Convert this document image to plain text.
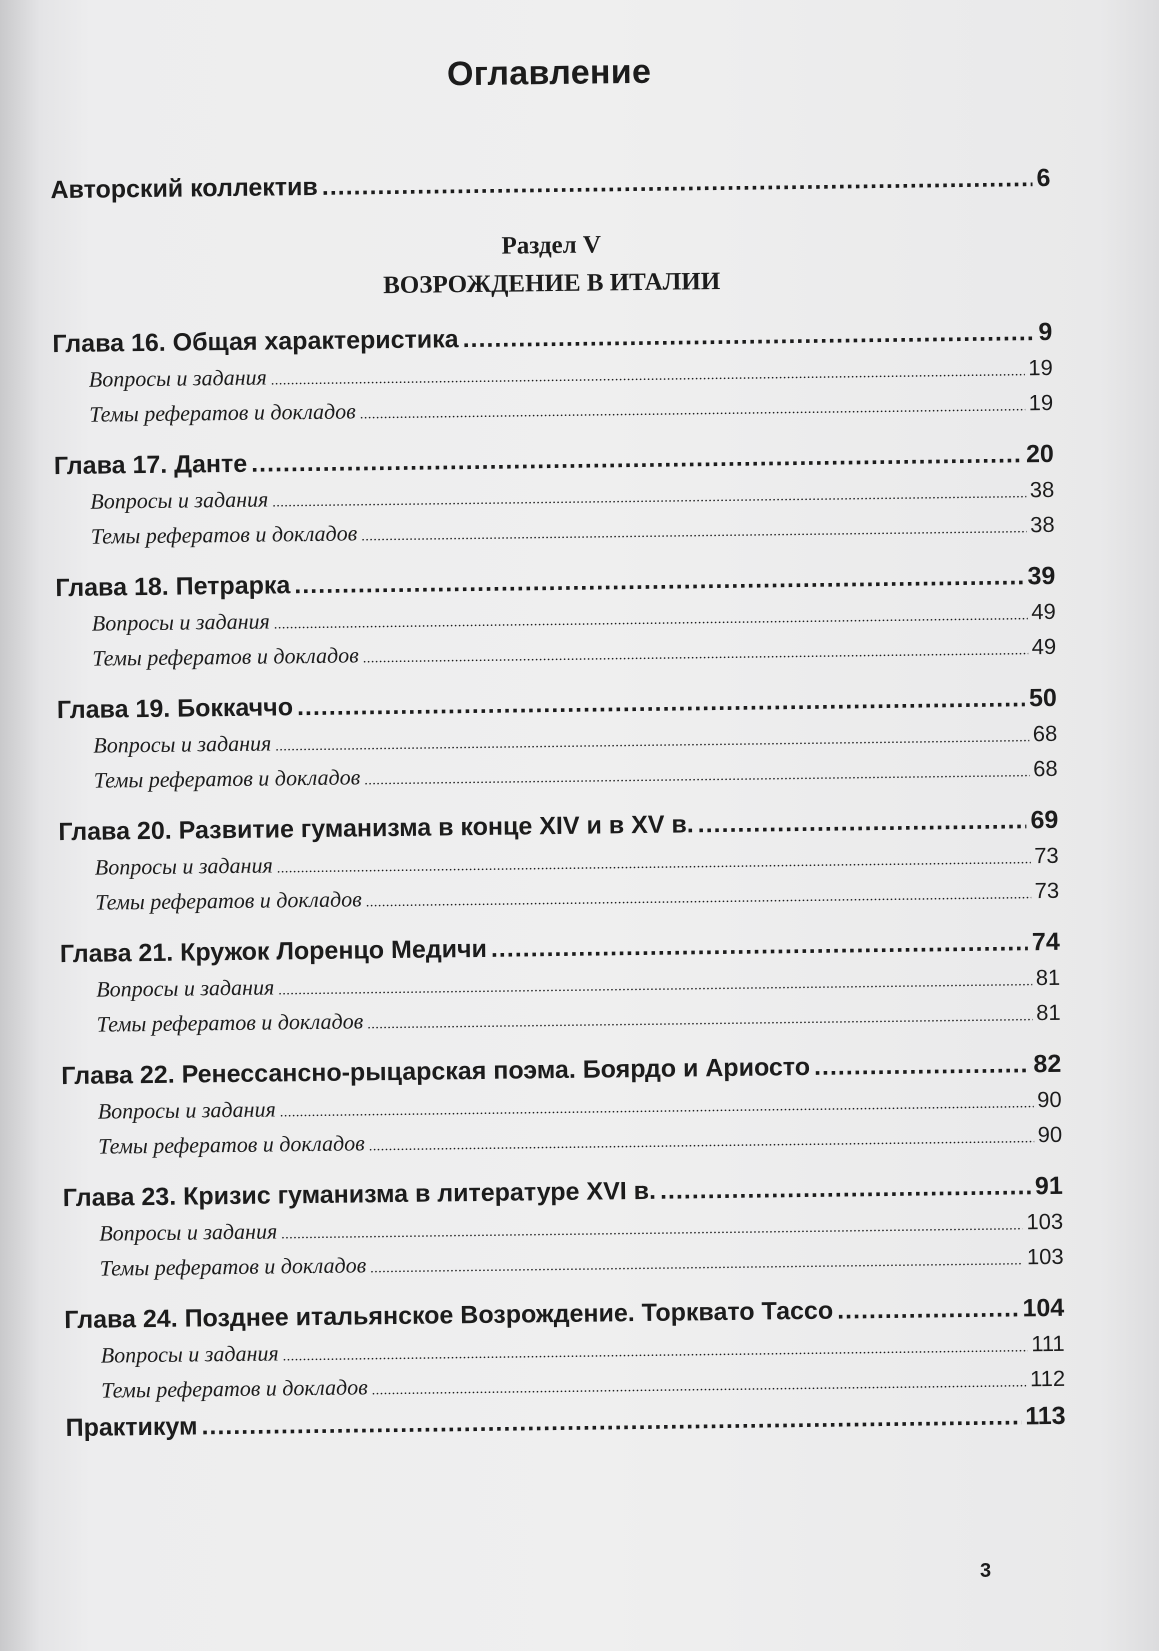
Оглавление
Авторский коллектив .....	6
Раздел V
ВОЗРОЖДЕНИЕ В ИТАЛИИ
Глава 16. Общая характеристика .....	9
Вопросы и задания .....	19
Темы рефератов и докладов .....	19
Глава 17. Данте .....	20
Вопросы и задания .....	38
Темы рефератов и докладов .....	38
Глава 18. Петрарка .....	39
Вопросы и задания .....	49
Темы рефератов и докладов .....	49
Глава 19. Боккаччо .....	50
Вопросы и задания .....	68
Темы рефератов и докладов .....	68
Глава 20. Развитие гуманизма в конце XIV и в XV в. .....	69
Вопросы и задания .....	73
Темы рефератов и докладов .....	73
Глава 21. Кружок Лоренцо Медичи .....	74
Вопросы и задания .....	81
Темы рефератов и докладов .....	81
Глава 22. Ренессансно-рыцарская поэма. Боярдо и Ариосто .....	82
Вопросы и задания .....	90
Темы рефератов и докладов .....	90
Глава 23. Кризис гуманизма в литературе XVI в. .....	91
Вопросы и задания .....	103
Темы рефератов и докладов .....	103
Глава 24. Позднее итальянское Возрождение. Торквато Тассо .....	104
Вопросы и задания .....	111
Темы рефератов и докладов .....	112
Практикум .....	113
3
